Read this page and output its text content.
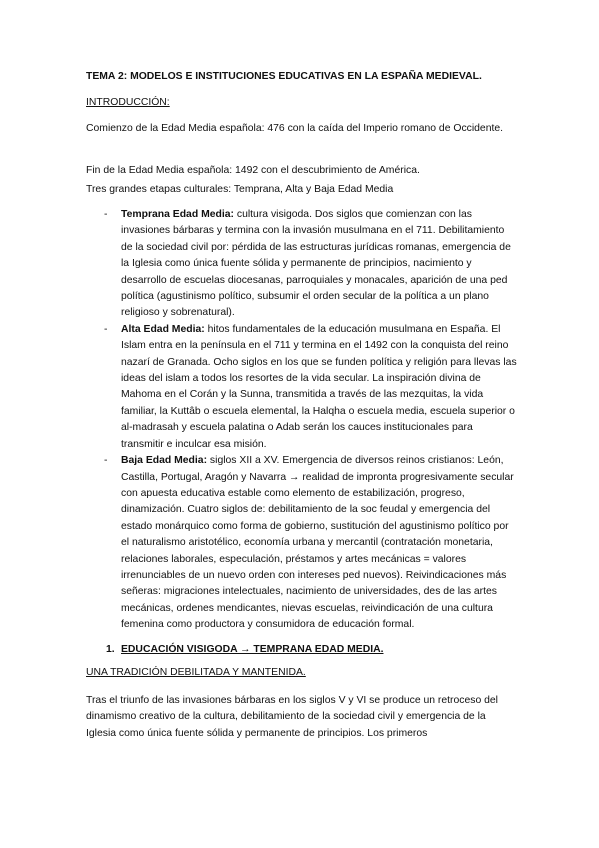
TEMA 2: MODELOS E INSTITUCIONES EDUCATIVAS EN LA ESPAÑA MEDIEVAL.

INTRODUCCIÓN:

Comienzo de la Edad Media española: 476 con la caída del Imperio romano de Occidente.

Fin de la Edad Media española: 1492 con el descubrimiento de América.

Tres grandes etapas culturales: Temprana, Alta y Baja Edad Media

- Temprana Edad Media: cultura visigoda. Dos siglos que comienzan con las invasiones bárbaras y termina con la invasión musulmana en el 711. Debilitamiento de la sociedad civil por: pérdida de las estructuras jurídicas romanas, emergencia de la Iglesia como única fuente sólida y permanente de principios, nacimiento y desarrollo de escuelas diocesanas, parroquiales y monacales, aparición de una ped política (agustinismo político, subsumir el orden secular de la política a un plano religioso y sobrenatural).
- Alta Edad Media: hitos fundamentales de la educación musulmana en España. El Islam entra en la península en el 711 y termina en el 1492 con la conquista del reino nazarí de Granada. Ocho siglos en los que se funden política y religión para llevas las ideas del islam a todos los resortes de la vida secular. La inspiración divina de Mahoma en el Corán y la Sunna, transmitida a través de las mezquitas, la vida familiar, la Kuttâb o escuela elemental, la Halqha o escuela media, escuela superior o al-madrasah y escuela palatina o Adab serán los cauces institucionales para transmitir e inculcar esa misión.
- Baja Edad Media: siglos XII a XV. Emergencia de diversos reinos cristianos: León, Castilla, Portugal, Aragón y Navarra → realidad de impronta progresivamente secular con apuesta educativa estable como elemento de estabilización, progreso, dinamización. Cuatro siglos de: debilitamiento de la soc feudal y emergencia del estado monárquico como forma de gobierno, sustitución del agustinismo político por el naturalismo aristotélico, economía urbana y mercantil (contratación monetaria, relaciones laborales, especulación, préstamos y artes mecánicas = valores irrenunciables de un nuevo orden con intereses ped nuevos). Reivindicaciones más señeras: migraciones intelectuales, nacimiento de universidades, des de las artes mecánicas, ordenes mendicantes, nievas escuelas, reivindicación de una cultura femenina como productora y consumidora de educación formal.

1. EDUCACIÓN VISIGODA → TEMPRANA EDAD MEDIA.

UNA TRADICIÓN DEBILITADA Y MANTENIDA.

Tras el triunfo de las invasiones bárbaras en los siglos V y VI se produce un retroceso del dinamismo creativo de la cultura, debilitamiento de la sociedad civil y emergencia de la Iglesia como única fuente sólida y permanente de principios. Los primeros
